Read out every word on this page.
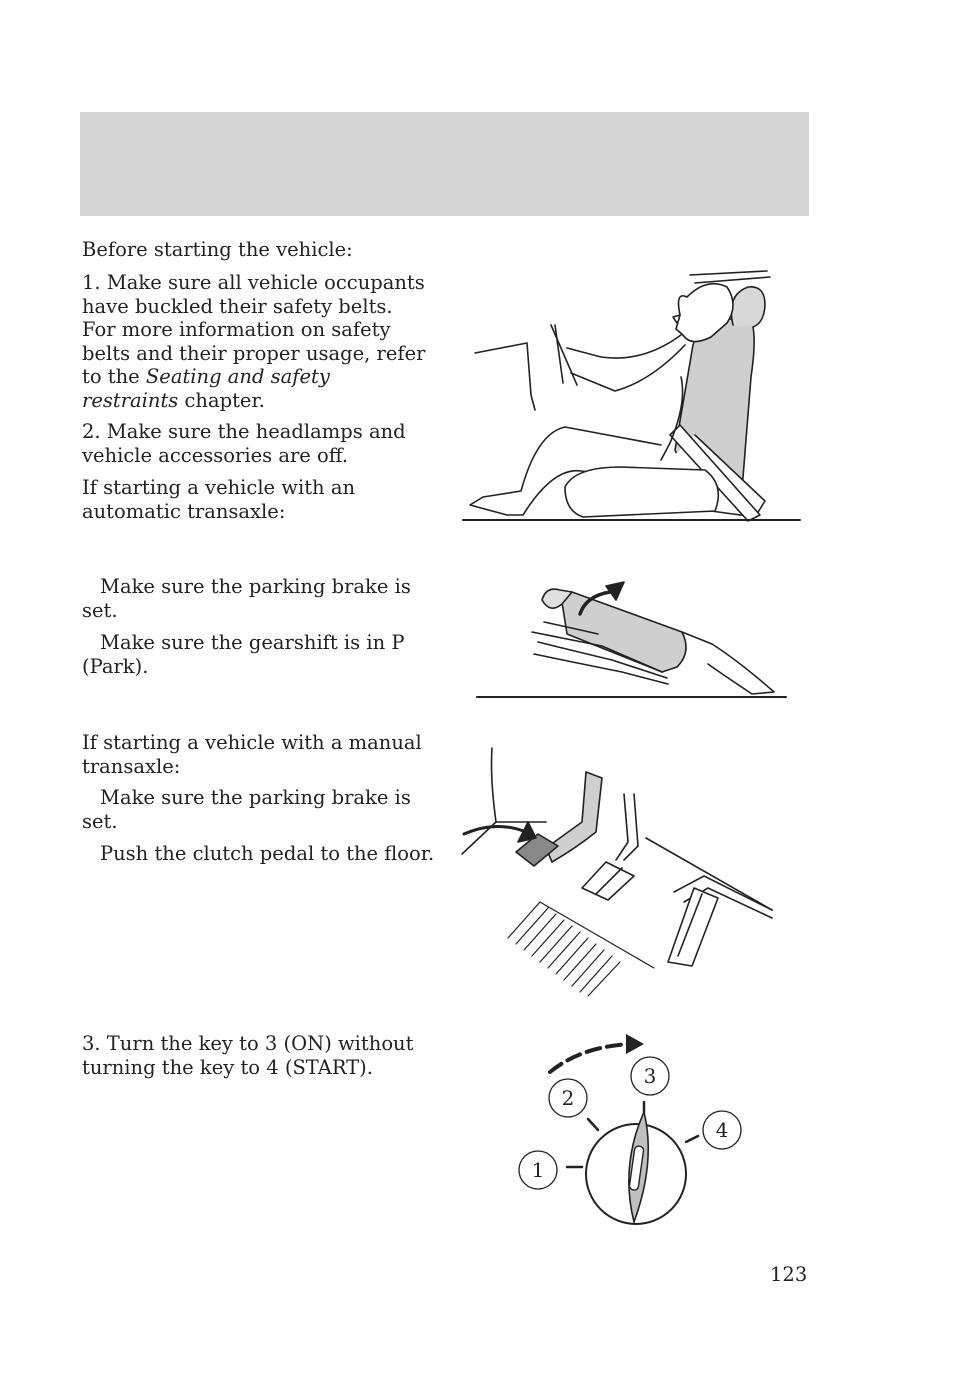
Before starting the vehicle:

1. Make sure all vehicle occupants have buckled their safety belts. For more information on safety belts and their proper usage, refer to the Seating and safety restraints chapter.

2. Make sure the headlamps and vehicle accessories are off.

If starting a vehicle with an automatic transaxle:

Make sure the parking brake is set.

Make sure the gearshift is in P (Park).

If starting a vehicle with a manual transaxle:

Make sure the parking brake is set.

Push the clutch pedal to the floor.

3. Turn the key to 3 (ON) without turning the key to 4 (START).

1
2
3
4
123
